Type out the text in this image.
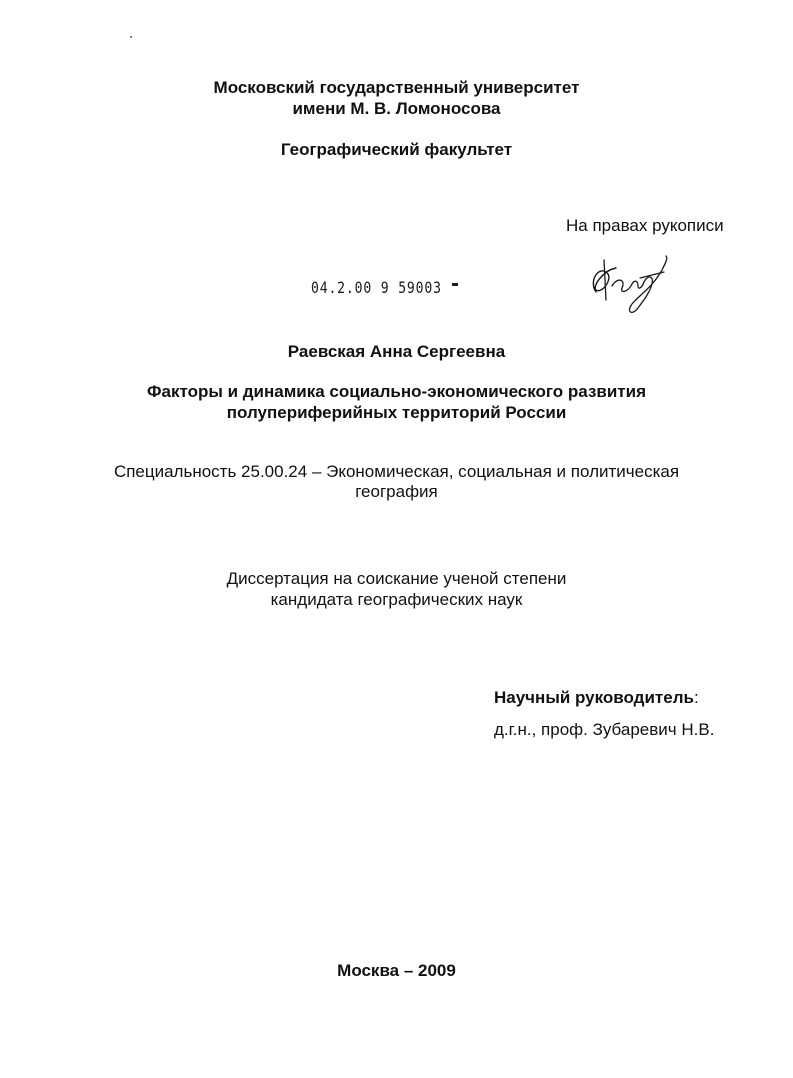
Московский государственный университет
имени М. В. Ломоносова
Географический факультет
На правах рукописи
04.2.00 9 59003
Раевская Анна Сергеевна
Факторы и динамика социально-экономического развития
полупериферийных территорий России
Специальность 25.00.24 – Экономическая, социальная и политическая
география
Диссертация на соискание ученой степени
кандидата географических наук
Научный руководитель:
д.г.н., проф. Зубаревич Н.В.
Москва – 2009
